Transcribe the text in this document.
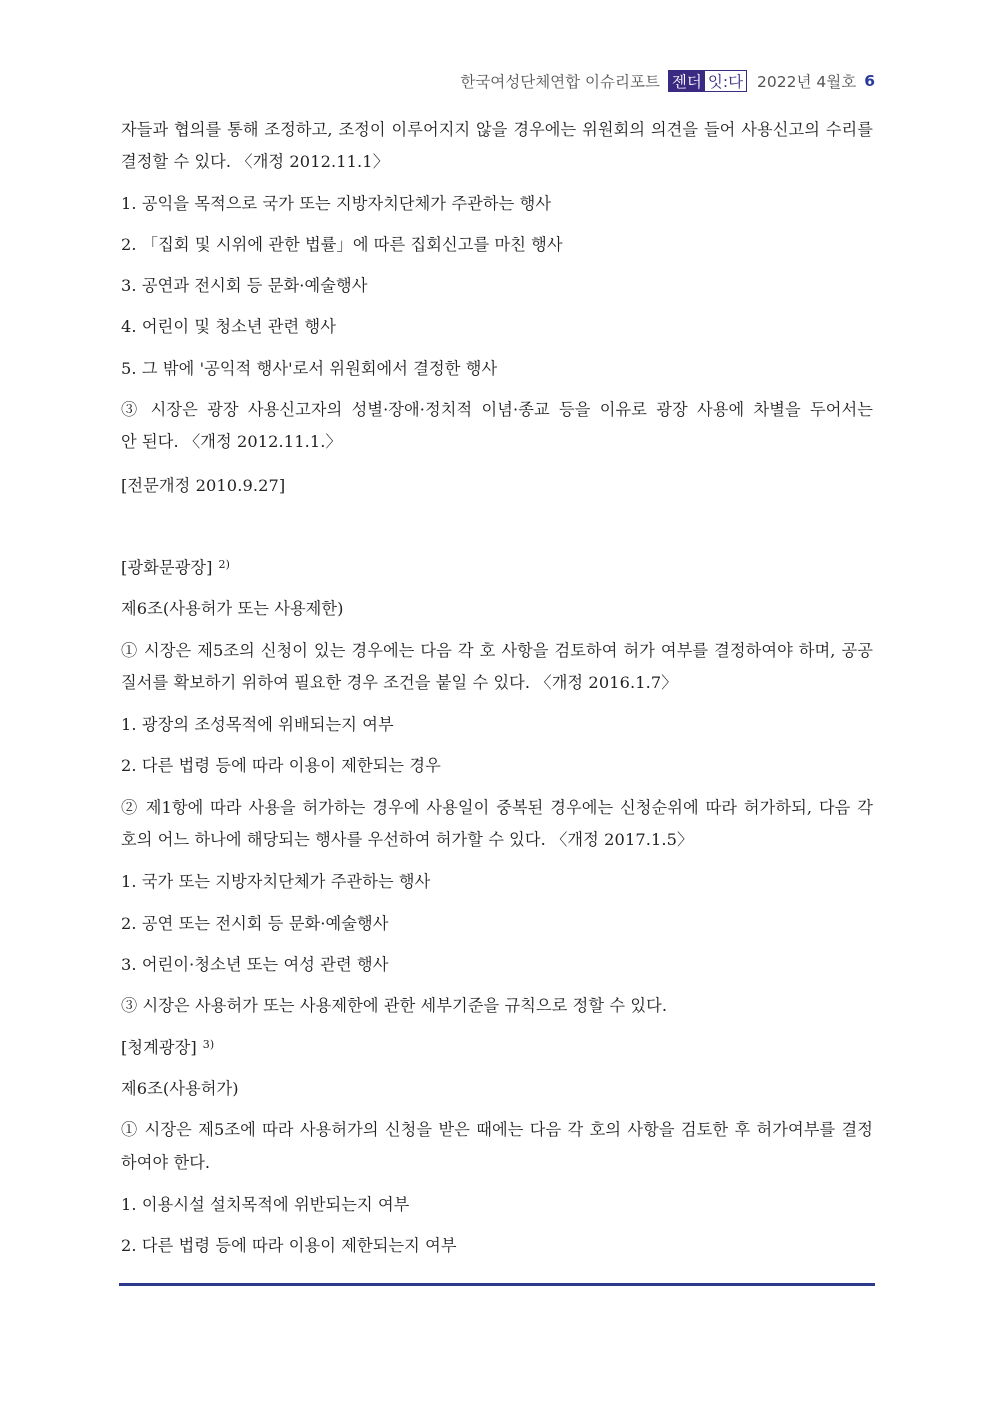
한국여성단체연합 이슈리포트 젠더 잇:다 2022년 4월호 6
자들과 협의를 통해 조정하고, 조정이 이루어지지 않을 경우에는 위원회의 의견을 들어 사용신고의 수리를
결정할 수 있다. 〈개정 2012.11.1〉
1. 공익을 목적으로 국가 또는 지방자치단체가 주관하는 행사
2. 「집회 및 시위에 관한 법률」에 따른 집회신고를 마친 행사
3. 공연과 전시회 등 문화·예술행사
4. 어린이 및 청소년 관련 행사
5. 그 밖에 '공익적 행사'로서 위원회에서 결정한 행사
③ 시장은 광장 사용신고자의 성별·장애·정치적 이념·종교 등을 이유로 광장 사용에 차별을 두어서는
안 된다. 〈개정 2012.11.1.〉
[전문개정 2010.9.27]
[광화문광장] $^{2)}$
제6조(사용허가 또는 사용제한)
① 시장은 제5조의 신청이 있는 경우에는 다음 각 호 사항을 검토하여 허가 여부를 결정하여야 하며, 공공
질서를 확보하기 위하여 필요한 경우 조건을 붙일 수 있다. 〈개정 2016.1.7〉
1. 광장의 조성목적에 위배되는지 여부
2. 다른 법령 등에 따라 이용이 제한되는 경우
② 제1항에 따라 사용을 허가하는 경우에 사용일이 중복된 경우에는 신청순위에 따라 허가하되, 다음 각
호의 어느 하나에 해당되는 행사를 우선하여 허가할 수 있다. 〈개정 2017.1.5〉
1. 국가 또는 지방자치단체가 주관하는 행사
2. 공연 또는 전시회 등 문화·예술행사
3. 어린이·청소년 또는 여성 관련 행사
③ 시장은 사용허가 또는 사용제한에 관한 세부기준을 규칙으로 정할 수 있다.
[청계광장] $^{3)}$
제6조(사용허가)
① 시장은 제5조에 따라 사용허가의 신청을 받은 때에는 다음 각 호의 사항을 검토한 후 허가여부를 결정
하여야 한다.
1. 이용시설 설치목적에 위반되는지 여부
2. 다른 법령 등에 따라 이용이 제한되는지 여부
